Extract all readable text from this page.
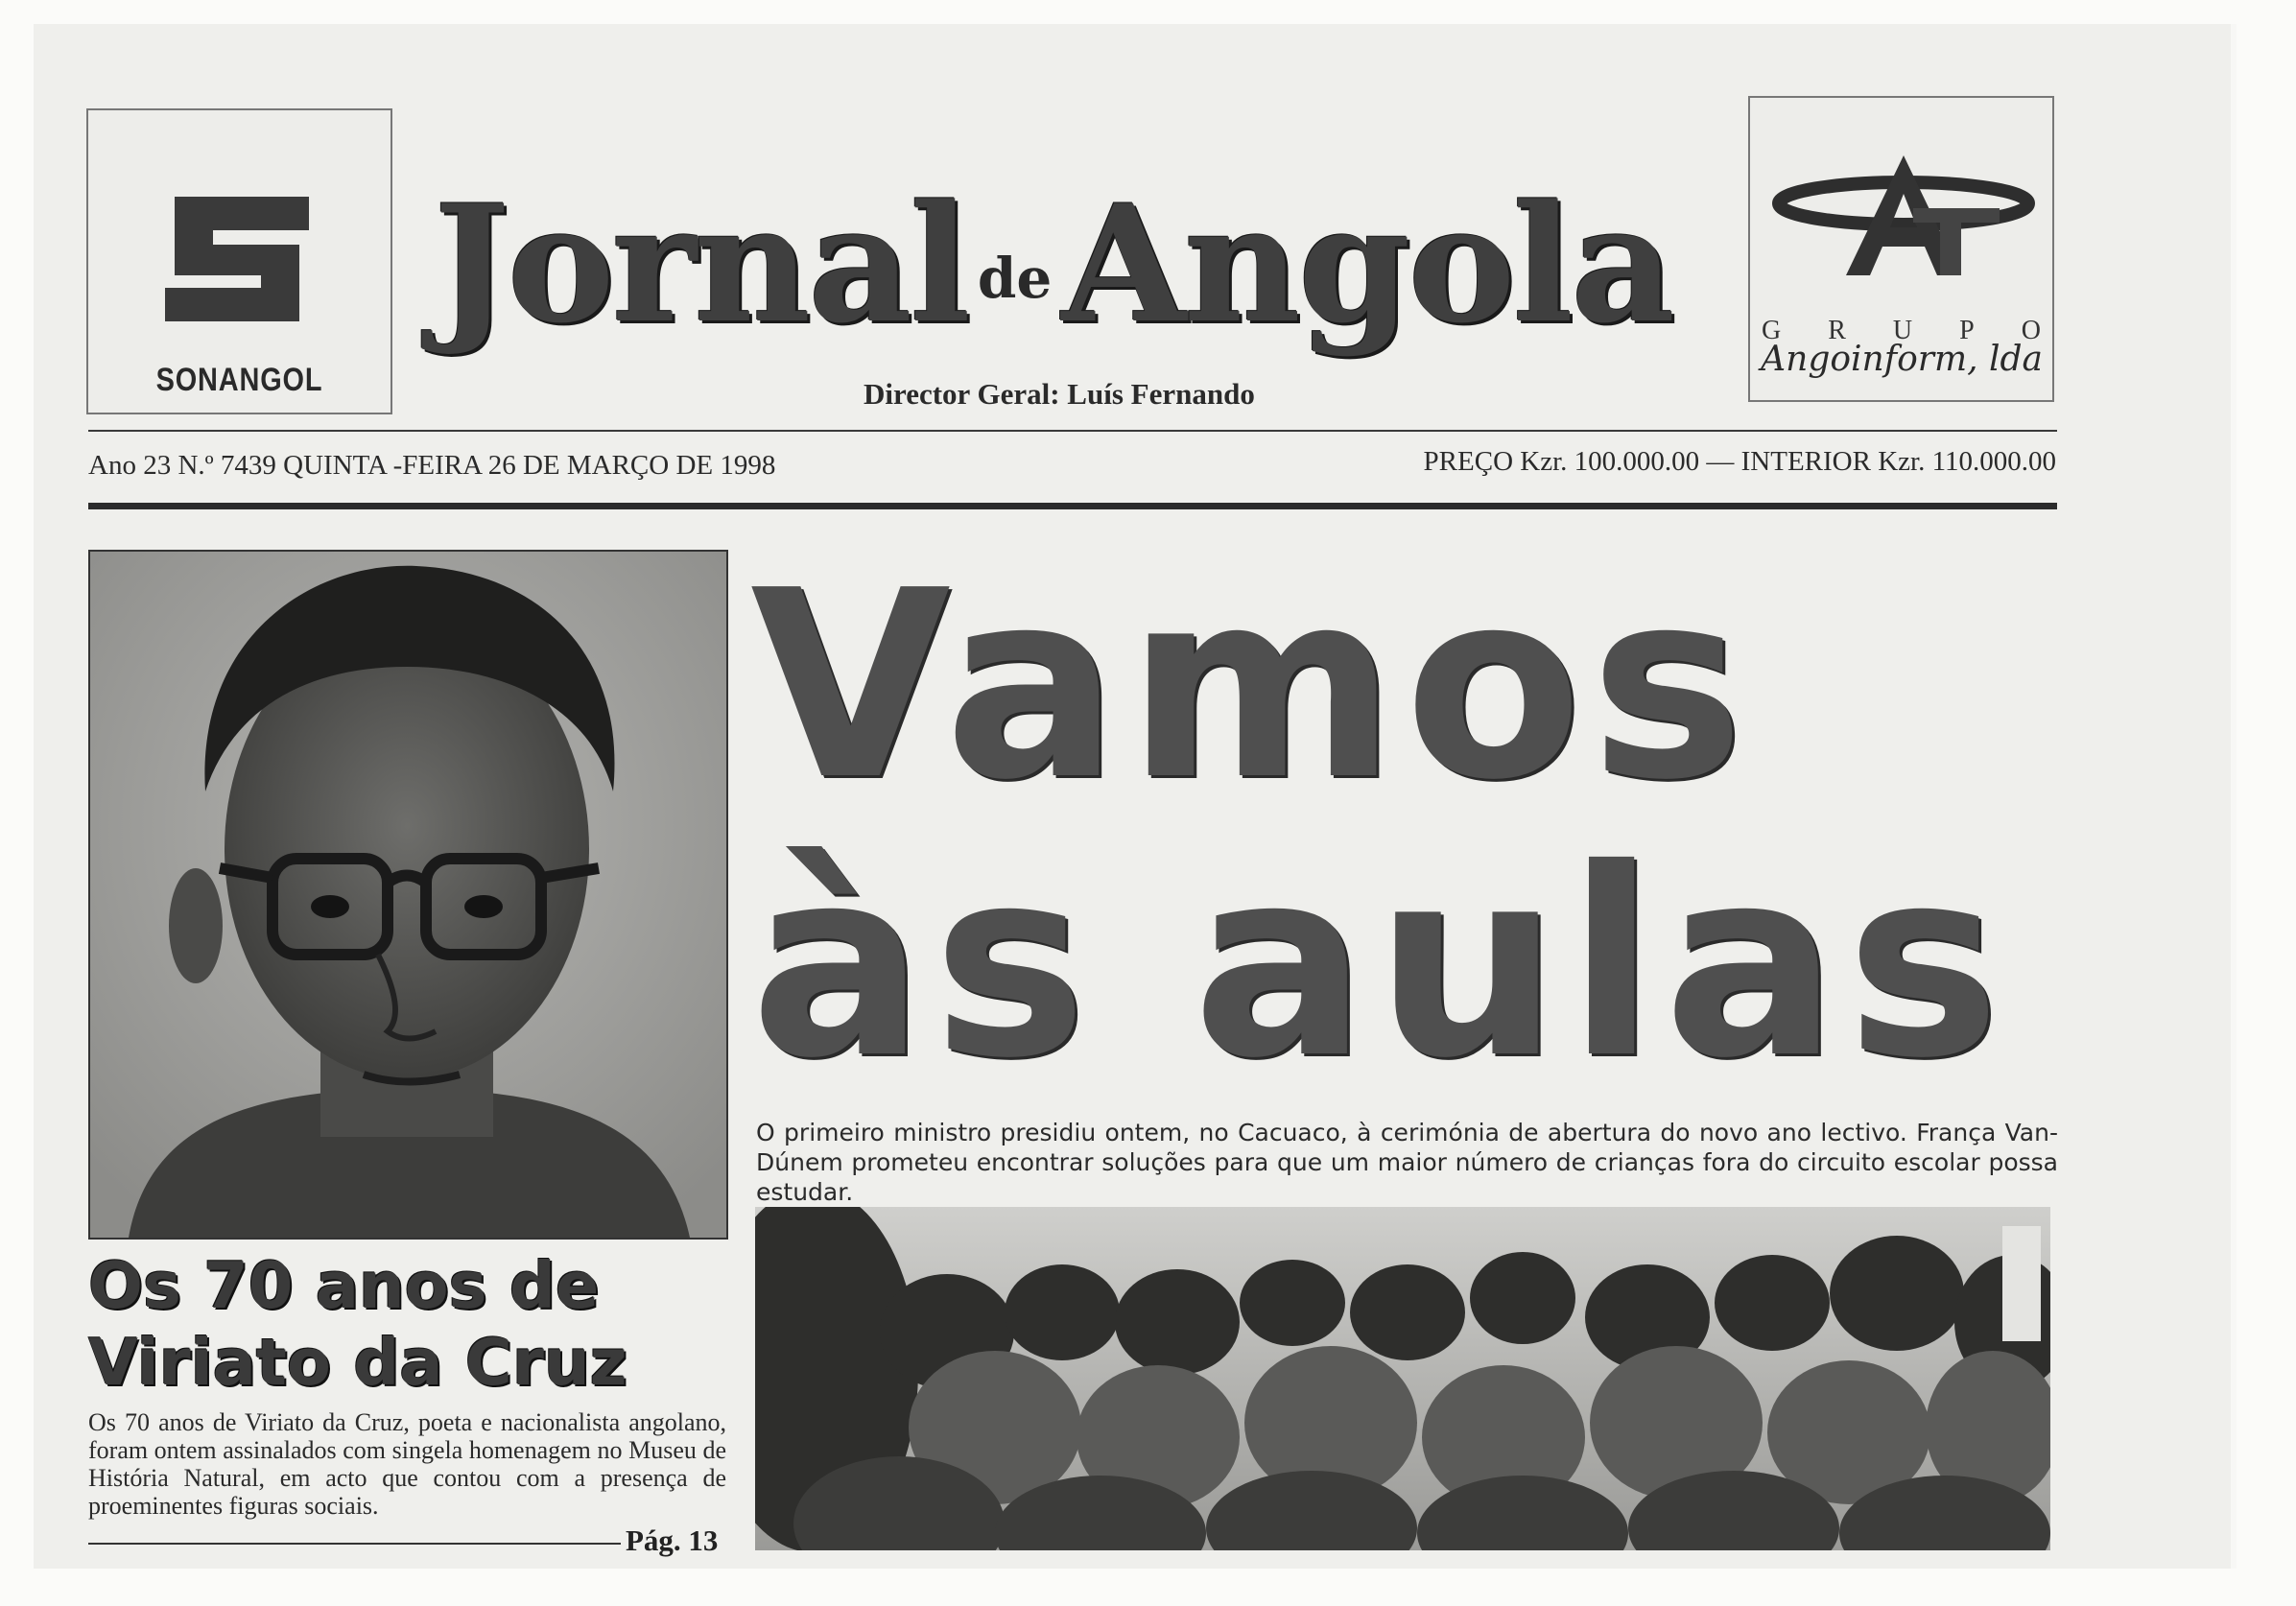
SONANGOL
Jornal deAngola
Director Geral: Luís Fernando
G R U P O
Angoinform, lda
Ano 23 N.º 7439 QUINTA -FEIRA 26 DE MARÇO DE 1998	PREÇO Kzr. 100.000.00 — INTERIOR Kzr. 110.000.00
Os 70 anos de
Viriato da Cruz
Os 70 anos de Viriato da Cruz, poeta e nacionalista angolano, foram ontem assinalados com singela homenagem no Museu de História Natural, em acto que contou com a presença de proeminentes figuras sociais.
Pág. 13
Vamos
às aulas
O primeiro ministro presidiu ontem, no Cacuaco, à cerimónia de abertura do novo ano lectivo. França Van-Dúnem prometeu encontrar soluções para que um maior número de crianças fora do circuito escolar possa estudar.
